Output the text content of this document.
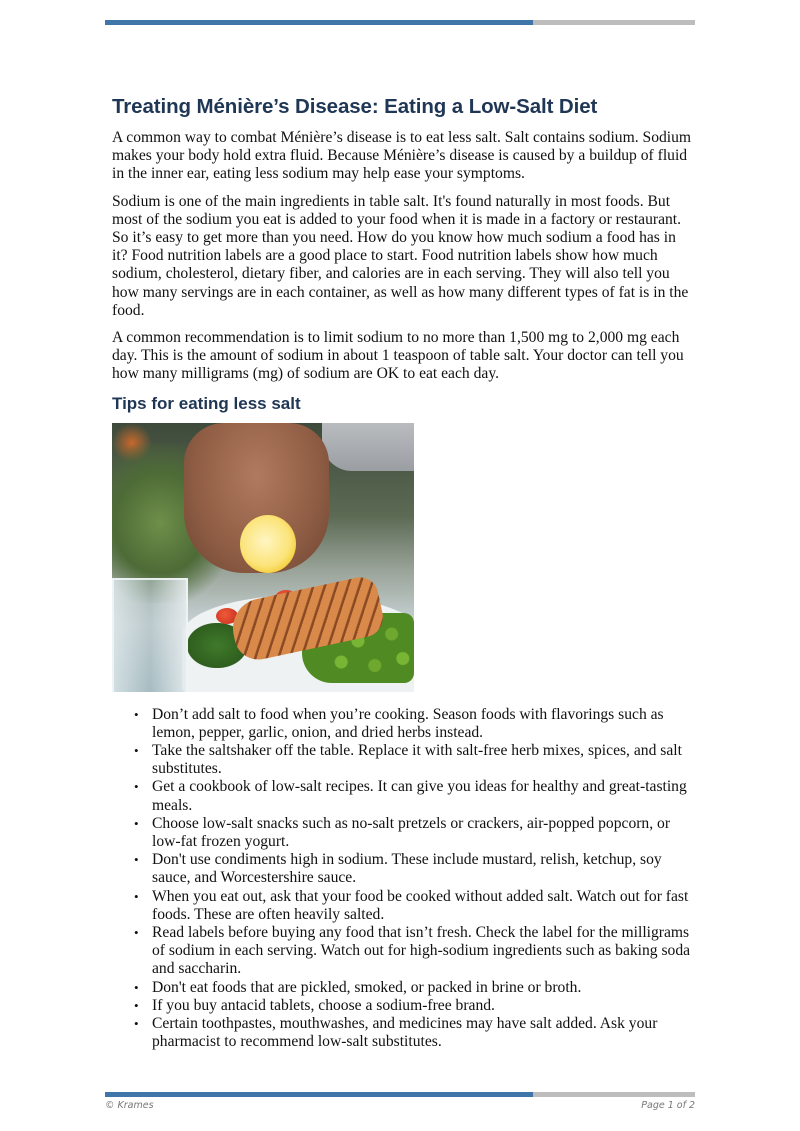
Treating Ménière’s Disease: Eating a Low-Salt Diet

A common way to combat Ménière’s disease is to eat less salt. Salt contains sodium. Sodium makes your body hold extra fluid. Because Ménière’s disease is caused by a buildup of fluid in the inner ear, eating less sodium may help ease your symptoms.

Sodium is one of the main ingredients in table salt. It's found naturally in most foods. But most of the sodium you eat is added to your food when it is made in a factory or restaurant. So it’s easy to get more than you need. How do you know how much sodium a food has in it? Food nutrition labels are a good place to start. Food nutrition labels show how much sodium, cholesterol, dietary fiber, and calories are in each serving. They will also tell you how many servings are in each container, as well as how many different types of fat is in the food.

A common recommendation is to limit sodium to no more than 1,500 mg to 2,000 mg each day. This is the amount of sodium in about 1 teaspoon of table salt. Your doctor can tell you how many milligrams (mg) of sodium are OK to eat each day.

Tips for eating less salt
• Don’t add salt to food when you’re cooking. Season foods with flavorings such as lemon, pepper, garlic, onion, and dried herbs instead.
• Take the saltshaker off the table. Replace it with salt-free herb mixes, spices, and salt substitutes.
• Get a cookbook of low-salt recipes. It can give you ideas for healthy and great-tasting meals.
• Choose low-salt snacks such as no-salt pretzels or crackers, air-popped popcorn, or low-fat frozen yogurt.
• Don't use condiments high in sodium. These include mustard, relish, ketchup, soy sauce, and Worcestershire sauce.
• When you eat out, ask that your food be cooked without added salt. Watch out for fast foods. These are often heavily salted.
• Read labels before buying any food that isn’t fresh. Check the label for the milligrams of sodium in each serving. Watch out for high-sodium ingredients such as baking soda and saccharin.
• Don't eat foods that are pickled, smoked, or packed in brine or broth.
• If you buy antacid tablets, choose a sodium-free brand.
• Certain toothpastes, mouthwashes, and medicines may have salt added. Ask your pharmacist to recommend low-salt substitutes.
© Krames	Page 1 of 2
